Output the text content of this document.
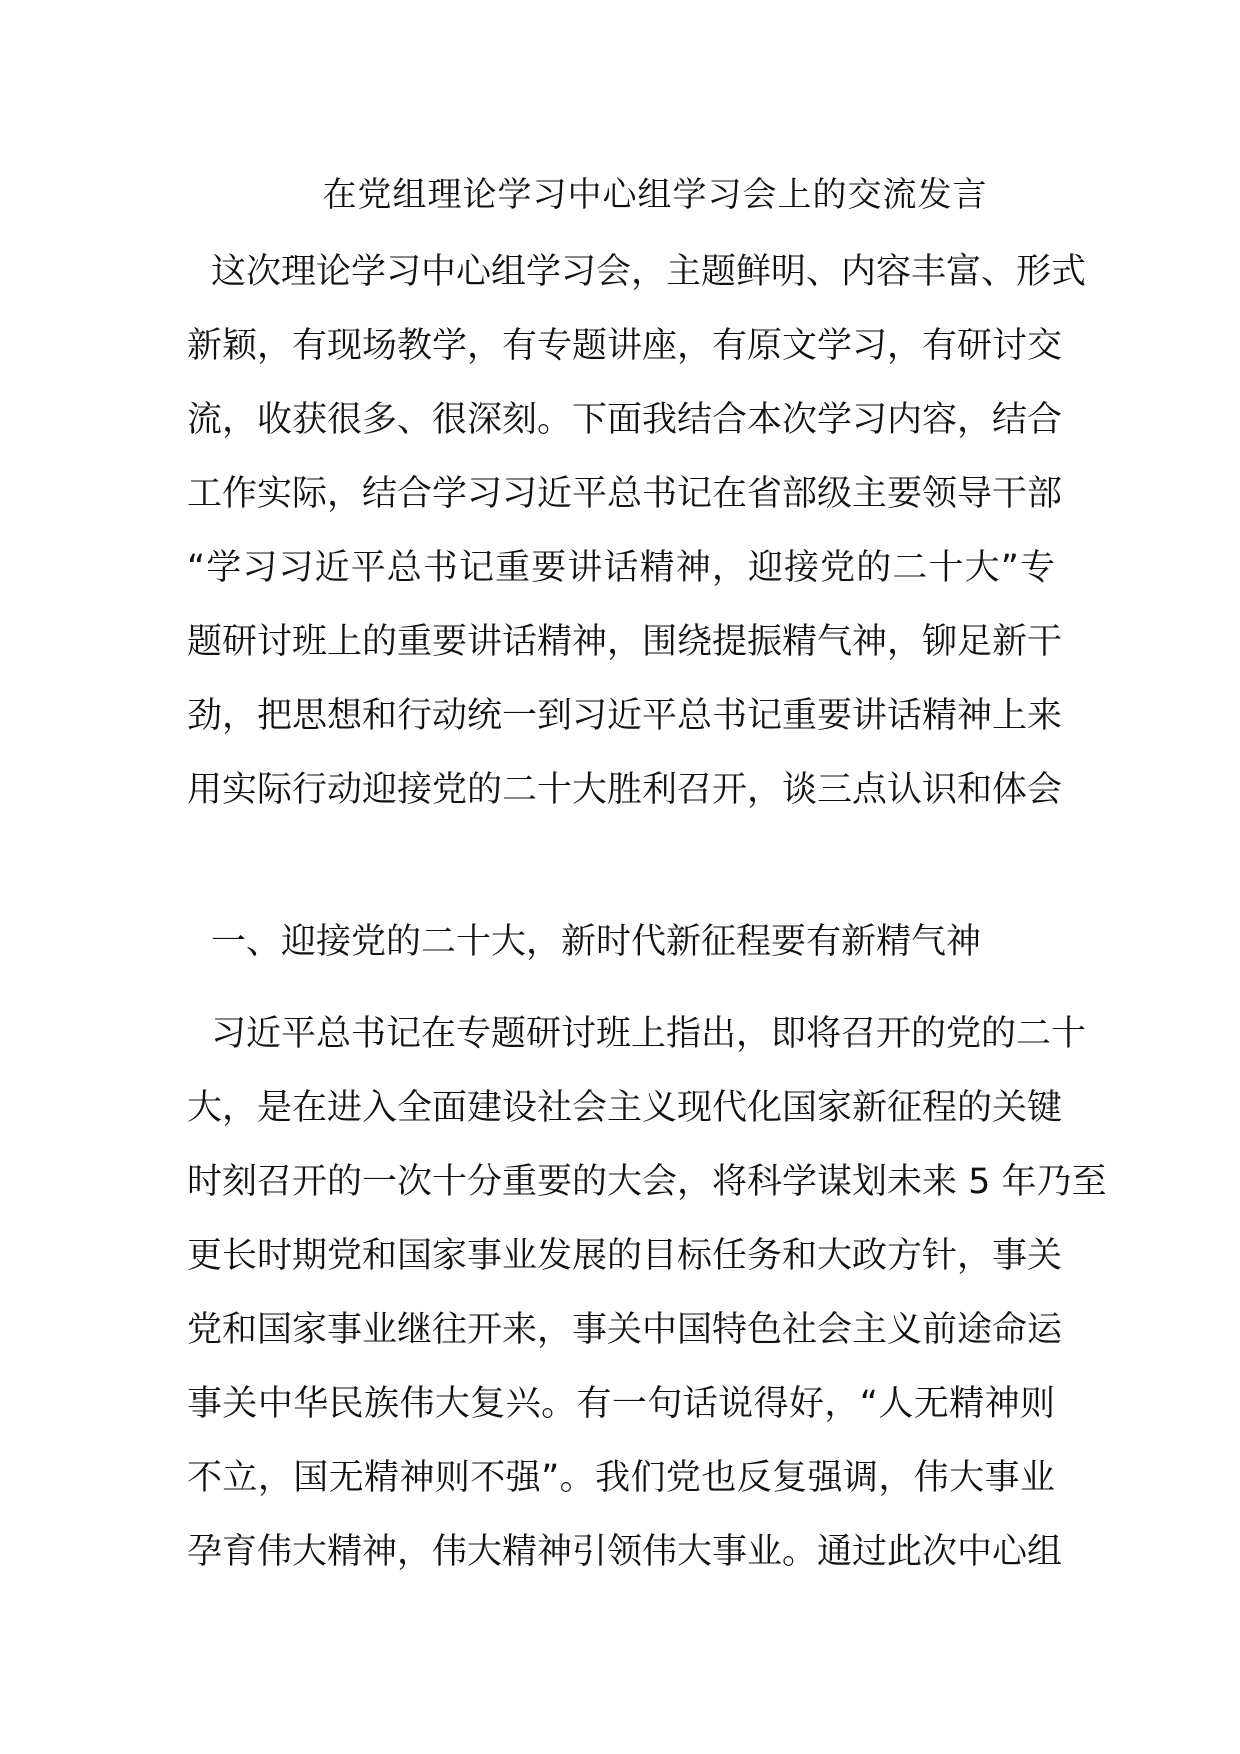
在党组理论学习中心组学习会上的交流发言
这次理论学习中心组学习会，主题鲜明、内容丰富、形式
新颖，有现场教学，有专题讲座，有原文学习，有研讨交
流，收获很多、很深刻。下面我结合本次学习内容，结合
工作实际，结合学习习近平总书记在省部级主要领导干部
“学习习近平总书记重要讲话精神，迎接党的二十大”专
题研讨班上的重要讲话精神，围绕提振精气神，铆足新干
劲，把思想和行动统一到习近平总书记重要讲话精神上来
用实际行动迎接党的二十大胜利召开，谈三点认识和体会
一、迎接党的二十大，新时代新征程要有新精气神
习近平总书记在专题研讨班上指出，即将召开的党的二十
大，是在进入全面建设社会主义现代化国家新征程的关键
时刻召开的一次十分重要的大会，将科学谋划未来 5 年乃至
更长时期党和国家事业发展的目标任务和大政方针，事关
党和国家事业继往开来，事关中国特色社会主义前途命运
事关中华民族伟大复兴。有一句话说得好，“人无精神则
不立，国无精神则不强”。我们党也反复强调，伟大事业
孕育伟大精神，伟大精神引领伟大事业。通过此次中心组
